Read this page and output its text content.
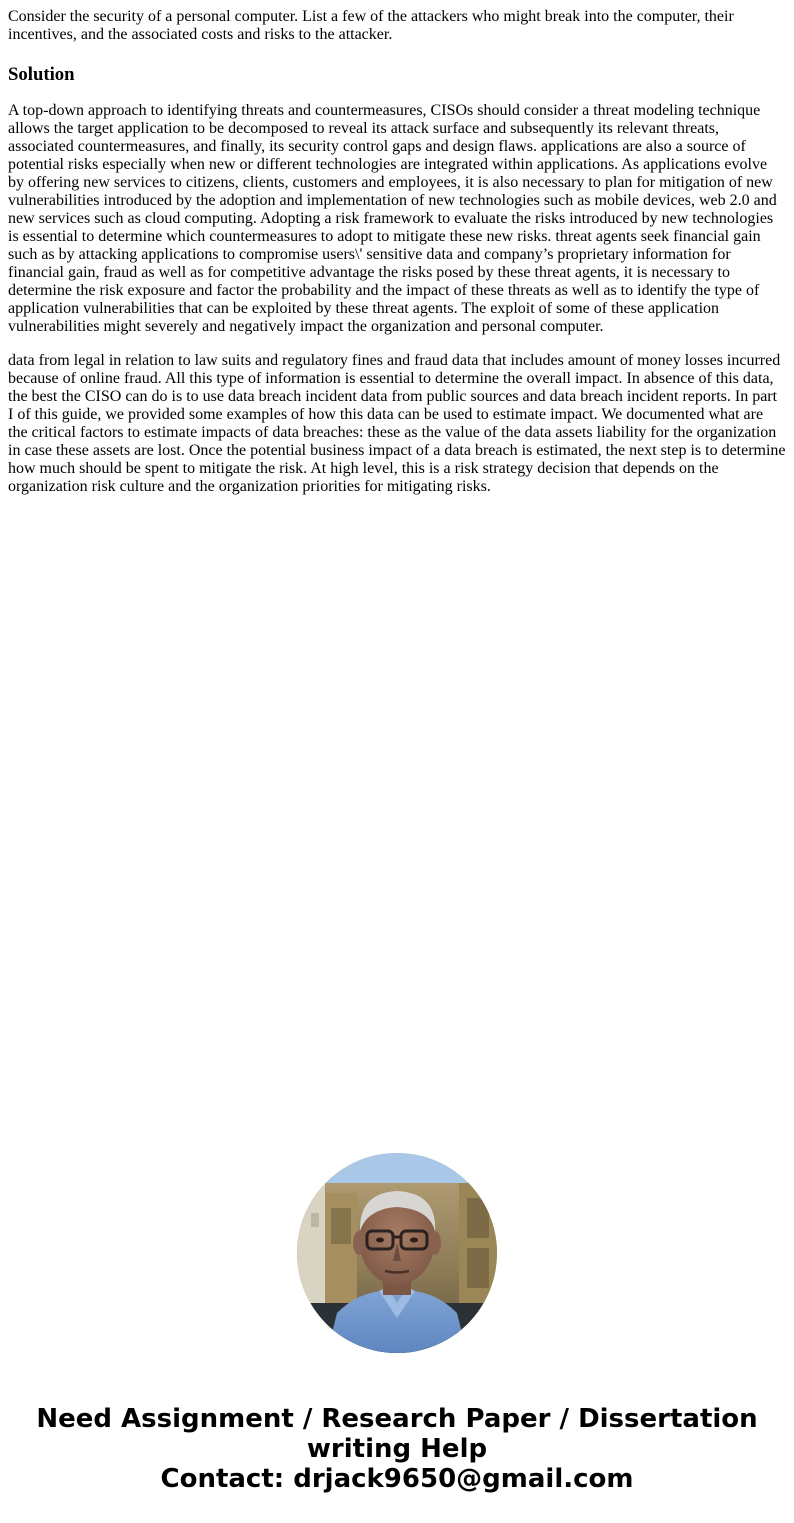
Consider the security of a personal computer. List a few of the attackers who might break into the computer, their incentives, and the associated costs and risks to the attacker.
Solution

A top-down approach to identifying threats and countermeasures, CISOs should consider a threat modeling technique allows the target application to be decomposed to reveal its attack surface and subsequently its relevant threats, associated countermeasures, and finally, its security control gaps and design flaws. applications are also a source of potential risks especially when new or different technologies are integrated within applications. As applications evolve by offering new services to citizens, clients, customers and employees, it is also necessary to plan for mitigation of new vulnerabilities introduced by the adoption and implementation of new technologies such as mobile devices, web 2.0 and new services such as cloud computing. Adopting a risk framework to evaluate the risks introduced by new technologies is essential to determine which countermeasures to adopt to mitigate these new risks. threat agents seek financial gain such as by attacking applications to compromise users\' sensitive data and company’s proprietary information for financial gain, fraud as well as for competitive advantage the risks posed by these threat agents, it is necessary to determine the risk exposure and factor the probability and the impact of these threats as well as to identify the type of application vulnerabilities that can be exploited by these threat agents. The exploit of some of these application vulnerabilities might severely and negatively impact the organization and personal computer.

data from legal in relation to law suits and regulatory fines and fraud data that includes amount of money losses incurred because of online fraud. All this type of information is essential to determine the overall impact. In absence of this data, the best the CISO can do is to use data breach incident data from public sources and data breach incident reports. In part I of this guide, we provided some examples of how this data can be used to estimate impact. We documented what are the critical factors to estimate impacts of data breaches: these as the value of the data assets liability for the organization in case these assets are lost. Once the potential business impact of a data breach is estimated, the next step is to determine how much should be spent to mitigate the risk. At high level, this is a risk strategy decision that depends on the organization risk culture and the organization priorities for mitigating risks.

Need Assignment / Research Paper / Dissertation
writing Help
Contact: drjack9650@gmail.com
